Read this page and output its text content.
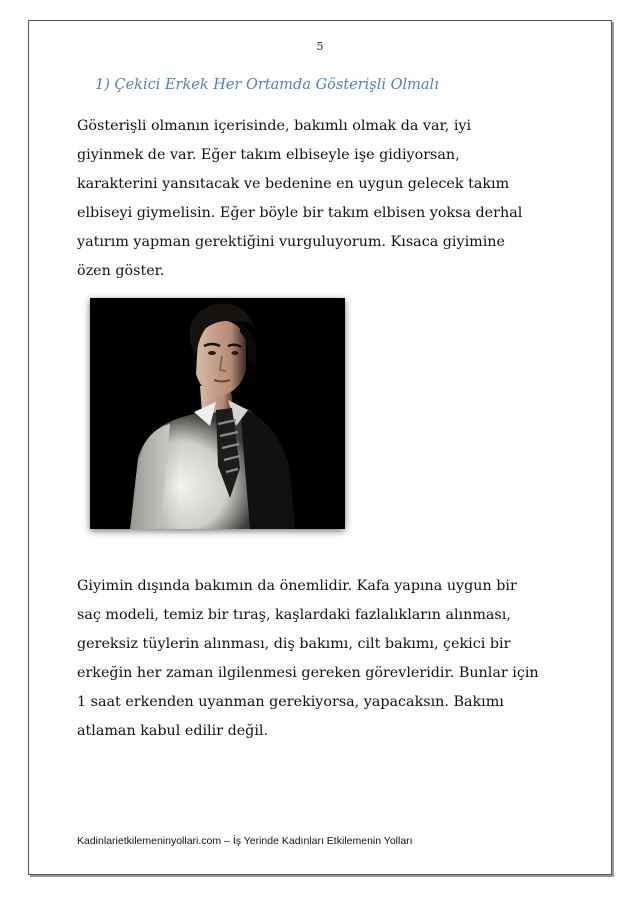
5
1) Çekici Erkek Her Ortamda Gösterişli Olmalı

Gösterişli olmanın içerisinde, bakımlı olmak da var, iyi
giyinmek de var. Eğer takım elbiseyle işe gidiyorsan,
karakterini yansıtacak ve bedenine en uygun gelecek takım
elbiseyi giymelisin. Eğer böyle bir takım elbisen yoksa derhal
yatırım yapman gerektiğini vurguluyorum. Kısaca giyimine
özen göster.

Giyimin dışında bakımın da önemlidir. Kafa yapına uygun bir
saç modeli, temiz bir tıraş, kaşlardaki fazlalıkların alınması,
gereksiz tüylerin alınması, diş bakımı, cilt bakımı, çekici bir
erkeğin her zaman ilgilenmesi gereken görevleridir. Bunlar için
1 saat erkenden uyanman gerekiyorsa, yapacaksın. Bakımı
atlaman kabul edilir değil.

Kadinlarietkilemeninyollari.com – İş Yerinde Kadınları Etkilemenin Yolları
